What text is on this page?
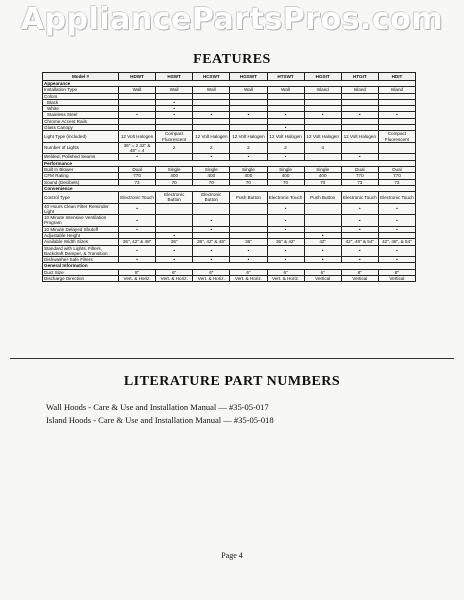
AppliancePartsPros.com
FEATURES
Model #	HDWT	HSWT	HCSWT	HGSWT	HTSWT	HGSIT	HTGIT	HDIT
Appearance								
Installation Type	Wall	Wall	Wall	Wall	Wall	Island	Island	Island
Colors								
Black		•						
White		•						
Stainless Steel	•	•	•	•	•	•	•	•
Chrome Accent Rails								
Glass Canopy					•			
Light Type (included)	12 Volt Halogen	Compact Fluorescent	12 Volt Halogen	12 Volt Halogen	12 Volt Halogen	12 Volt Halogen	12 Volt Halogen	Compact Fluorescent
Number of Lights	36" = 2 42" & 48" = 4	2	2	2	2	4		
Welded, Polished Seams	•		•	•	•		•	
Performance								
Built In Blower	Dual	Single	Single	Single	Single	Single	Dual	Dual
CFM Rating	770	400	400	400	400	400	770	770
Sound (Decibels)	73	70	70	70	70	70	73	73
Convenience								
Control Type	Electronic Touch	Electronic Button	Electronic Button	Push Button	Electronic Touch	Push Button	Electronic Touch	Electronic Touch
40 Hours Clean Filter Reminder Light	•				•		•	•
10 Minute Intensive Ventilation Program	•		•		•		•	•
10 Minute Delayed Shutoff	•		•		•		•	•
Adjustable Height		•				•		
Available Width Sizes	36", 42" & 48"	36"	36", 42" & 48"	36"	36" & 42"	42"	42", 48" & 54"	42", 48", & 54"
Standard with Lights, Filters, Backdraft Damper, & Transition	•	•	•	•	•	•	•	•
Dishwasher-Safe Filters	•	•	•	•	•	•	•	•
General Information								
Duct Size	8"	6"	6"	6"	6"	6"	8"	8"
Discharge Direction	Vert. & Horiz.	Vert. & Horiz.	Vert. & Horiz.	Vert. & Horiz.	Vert. & Horiz.	Vertical	Vertical	Vertical
LITERATURE PART NUMBERS
Wall Hoods - Care & Use and Installation Manual — #35-05-017
Island Hoods - Care & Use and Installation Manual — #35-05-018
Page 4
